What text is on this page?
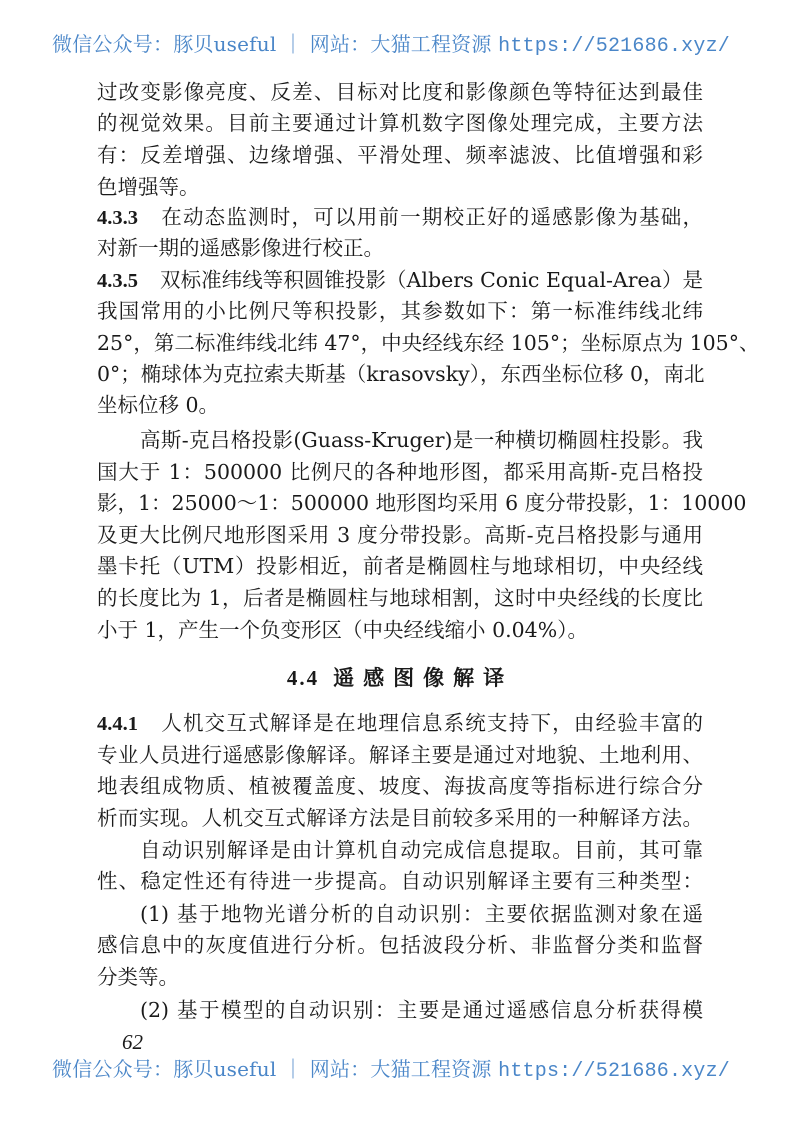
微信公众号：豚贝useful ｜ 网站：大猫工程资源 https://521686.xyz/
过改变影像亮度、反差、目标对比度和影像颜色等特征达到最佳
的视觉效果。目前主要通过计算机数字图像处理完成，主要方法
有：反差增强、边缘增强、平滑处理、频率滤波、比值增强和彩
色增强等。
4.3.3 在动态监测时，可以用前一期校正好的遥感影像为基础，
对新一期的遥感影像进行校正。
4.3.5 双标准纬线等积圆锥投影（Albers Conic Equal-Area）是
我国常用的小比例尺等积投影，其参数如下：第一标准纬线北纬
25°，第二标准纬线北纬 47°，中央经线东经 105°；坐标原点为 105°、
0°；椭球体为克拉索夫斯基（krasovsky），东西坐标位移 0，南北
坐标位移 0。
高斯-克吕格投影(Guass-Kruger)是一种横切椭圆柱投影。我
国大于 1：500000 比例尺的各种地形图，都采用高斯-克吕格投
影，1：25000～1：500000 地形图均采用 6 度分带投影，1：10000
及更大比例尺地形图采用 3 度分带投影。高斯-克吕格投影与通用
墨卡托（UTM）投影相近，前者是椭圆柱与地球相切，中央经线
的长度比为 1，后者是椭圆柱与地球相割，这时中央经线的长度比
小于 1，产生一个负变形区（中央经线缩小 0.04%）。
4.4 遥感图像解译
4.4.1 人机交互式解译是在地理信息系统支持下，由经验丰富的
专业人员进行遥感影像解译。解译主要是通过对地貌、土地利用、
地表组成物质、植被覆盖度、坡度、海拔高度等指标进行综合分
析而实现。人机交互式解译方法是目前较多采用的一种解译方法。
自动识别解译是由计算机自动完成信息提取。目前，其可靠
性、稳定性还有待进一步提高。自动识别解译主要有三种类型：
(1) 基于地物光谱分析的自动识别：主要依据监测对象在遥
感信息中的灰度值进行分析。包括波段分析、非监督分类和监督
分类等。
(2) 基于模型的自动识别：主要是通过遥感信息分析获得模
62
微信公众号：豚贝useful ｜ 网站：大猫工程资源 https://521686.xyz/
